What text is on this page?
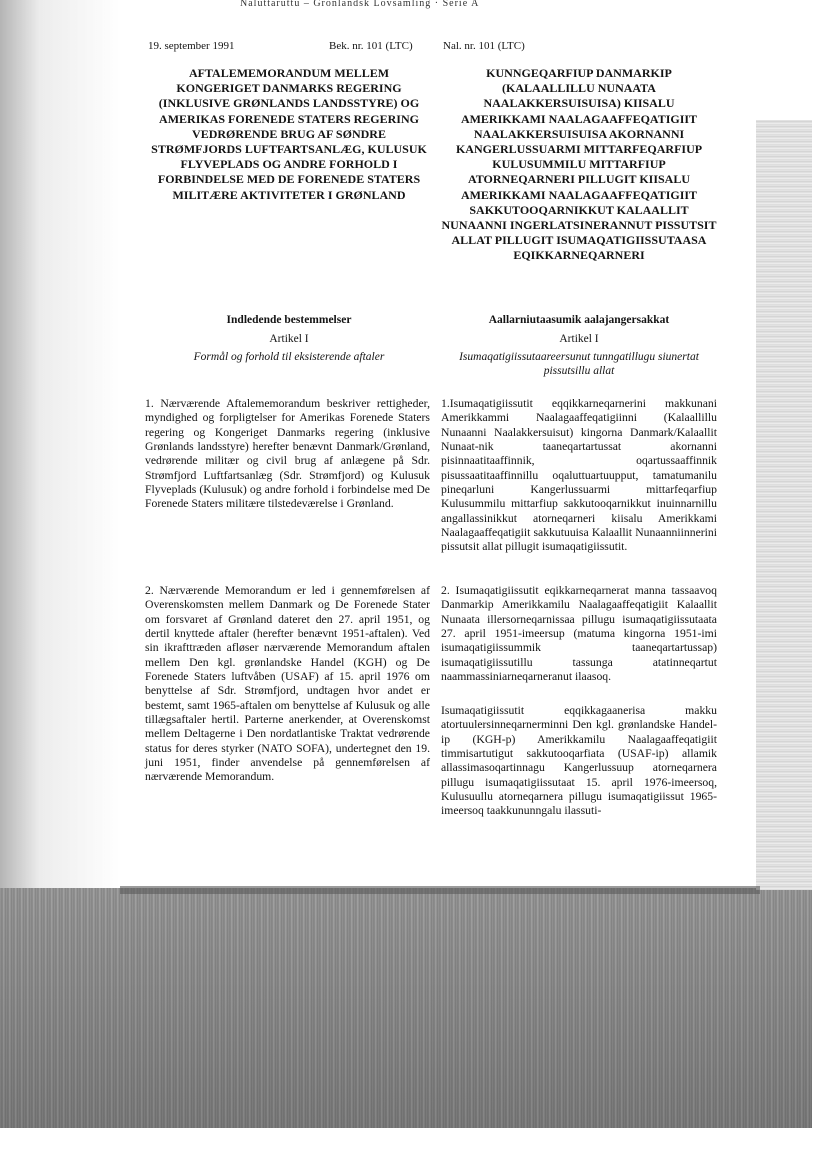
Naluttaruttu – Gronlandsk Lovsamling · Serie A
19. september 1991	Bek. nr. 101 (LTC)	Nal. nr. 101 (LTC)
AFTALEMEMORANDUM MELLEM KONGERIGET DANMARKS REGERING (INKLUSIVE GRØNLANDS LANDSSTYRE) OG AMERIKAS FORENEDE STATERS REGERING VEDRØRENDE BRUG AF SØNDRE STRØMFJORDS LUFTFARTSANLÆG, KULUSUK FLYVEPLADS OG ANDRE FORHOLD I FORBINDELSE MED DE FORENEDE STATERS MILITÆRE AKTIVITETER I GRØNLAND
KUNNGEQARFIUP DANMARKIP (KALAALLILLU NUNAATA NAALAKKERSUISUISA) KIISALU AMERIKKAMI NAALAGAAFFEQATIGIIT NAALAKKERSUISUISA AKORNANNI KANGERLUSSUARMI MITTARFEQARFIUP KULUSUMMILU MITTARFIUP ATORNEQARNERI PILLUGIT KIISALU AMERIKKAMI NAALAGAAFFEQATIGIIT SAKKUTOOQARNIKKUT KALAALLIT NUNAANNI INGERLATSINERANNUT PISSUTSIT ALLAT PILLUGIT ISUMAQATIGIISSUTAASA EQIKKARNEQARNERI
Indledende bestemmelser	Aallarniutaasumik aalajangersakkat
Artikel I	Artikel I
Formål og forhold til eksisterende aftaler	Isumaqatigiissutaareersunut tunngatillugu siunertat pissutsillu allat
1. Nærværende Aftalememorandum beskriver rettigheder, myndighed og forpligtelser for Amerikas Forenede Staters regering og Kongeriget Danmarks regering (inklusive Grønlands landsstyre) herefter benævnt Danmark/Grønland, vedrørende militær og civil brug af anlægene på Sdr. Strømfjord Luftfartsanlæg (Sdr. Strømfjord) og Kulusuk Flyveplads (Kulusuk) og andre forhold i forbindelse med De Forenede Staters militære tilstedeværelse i Grønland.
2. Nærværende Memorandum er led i gennemførelsen af Overenskomsten mellem Danmark og De Forenede Stater om forsvaret af Grønland dateret den 27. april 1951, og dertil knyttede aftaler (herefter benævnt 1951-aftalen). Ved sin ikrafttræden afløser nærværende Memorandum aftalen mellem Den kgl. grønlandske Handel (KGH) og De Forenede Staters luftvåben (USAF) af 15. april 1976 om benyttelse af Sdr. Strømfjord, undtagen hvor andet er bestemt, samt 1965-aftalen om benyttelse af Kulusuk og alle tillægsaftaler hertil. Parterne anerkender, at Overenskomst mellem Deltagerne i Den nordatlantiske Traktat vedrørende status for deres styrker (NATO SOFA), undertegnet den 19. juni 1951, finder anvendelse på gennemførelsen af nærværende Memorandum.
1.Isumaqatigiissutit eqqikkarneqarnerini makkunani Amerikkammi Naalagaaffeqatigiinni (Kalaallillu Nunaanni Naalakkersuisut) kingorna Danmark/Kalaallit Nunaat-nik taaneqartartussat akornanni pisinnaatitaaffinnik, oqartussaaffinnik pisussaatitaaffinnillu oqaluttuartuupput, tamatumanilu pineqarluni Kangerlussuarmi mittarfeqarfiup Kulusummilu mittarfiup sakkutooqarnikkut inuinnarnillu angallassinikkut atorneqarneri kiisalu Amerikkami Naalagaaffeqatigiit sakkutuuisa Kalaallit Nunaanniinnerini pissutsit allat pillugit isumaqatigiissutit.
2. Isumaqatigiissutit eqikkarneqarnerat manna tassaavoq Danmarkip Amerikkamilu Naalagaaffeqatigiit Kalaallit Nunaata illersorneqarnissaa pillugu isumaqatigiissutaata 27. april 1951-imeersup (matuma kingorna 1951-imi isumaqatigiissummik taaneqartartussap) isumaqatigiissutillu tassunga atatinneqartut naammassiniarneqarneranut ilaasoq.
Isumaqatigiissutit eqqikkagaanerisa makku atortuulersinneqarnerminni Den kgl. grønlandske Handel-ip (KGH-p) Amerikkamilu Naalagaaffeqatigiit timmisartutigut sakkutooqarfiata (USAF-ip) allamik allassimasoqartinnagu Kangerlussuup atorneqarnera pillugu isumaqatigiissutaat 15. april 1976-imeersoq, Kulusuullu atorneqarnera pillugu isumaqatigiissut 1965-imeersoq taakkununngalu ilassuti-
